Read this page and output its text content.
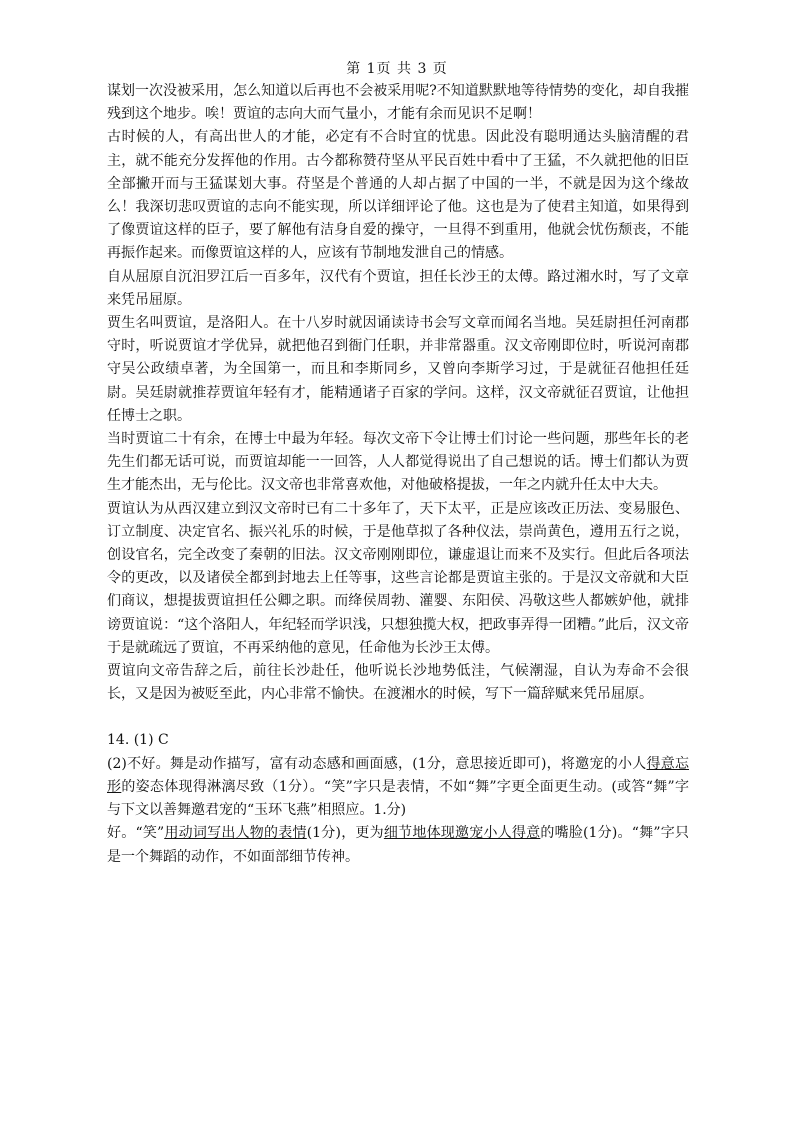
第 1页 共 3 页

谋划一次没被采用，怎么知道以后再也不会被采用呢?不知道默默地等待情势的变化，却自我摧残到这个地步。唉！贾谊的志向大而气量小，才能有余而见识不足啊！

古时候的人，有高出世人的才能，必定有不合时宜的忧患。因此没有聪明通达头脑清醒的君主，就不能充分发挥他的作用。古今都称赞苻坚从平民百姓中看中了王猛，不久就把他的旧臣全部撇开而与王猛谋划大事。苻坚是个普通的人却占据了中国的一半，不就是因为这个缘故么！我深切悲叹贾谊的志向不能实现，所以详细评论了他。这也是为了使君主知道，如果得到了像贾谊这样的臣子，要了解他有洁身自爱的操守，一旦得不到重用，他就会忧伤颓丧，不能再振作起来。而像贾谊这样的人，应该有节制地发泄自己的情感。

自从屈原自沉汨罗江后一百多年，汉代有个贾谊，担任长沙王的太傅。路过湘水时，写了文章来凭吊屈原。

贾生名叫贾谊，是洛阳人。在十八岁时就因诵读诗书会写文章而闻名当地。吴廷尉担任河南郡守时，听说贾谊才学优异，就把他召到衙门任职，并非常器重。汉文帝刚即位时，听说河南郡守吴公政绩卓著，为全国第一，而且和李斯同乡，又曾向李斯学习过，于是就征召他担任廷尉。吴廷尉就推荐贾谊年轻有才，能精通诸子百家的学问。这样，汉文帝就征召贾谊，让他担任博士之职。

当时贾谊二十有余，在博士中最为年轻。每次文帝下令让博士们讨论一些问题，那些年长的老先生们都无话可说，而贾谊却能一一回答，人人都觉得说出了自己想说的话。博士们都认为贾生才能杰出，无与伦比。汉文帝也非常喜欢他，对他破格提拔，一年之内就升任太中大夫。

贾谊认为从西汉建立到汉文帝时已有二十多年了，天下太平，正是应该改正历法、变易服色、订立制度、决定官名、振兴礼乐的时候，于是他草拟了各种仪法，崇尚黄色，遵用五行之说，创设官名，完全改变了秦朝的旧法。汉文帝刚刚即位，谦虚退让而来不及实行。但此后各项法令的更改，以及诸侯全都到封地去上任等事，这些言论都是贾谊主张的。于是汉文帝就和大臣们商议，想提拔贾谊担任公卿之职。而绛侯周勃、灌婴、东阳侯、冯敬这些人都嫉妒他，就排谤贾谊说：“这个洛阳人，年纪轻而学识浅，只想独揽大权，把政事弄得一团糟。”此后，汉文帝于是就疏远了贾谊，不再采纳他的意见，任命他为长沙王太傅。

贾谊向文帝告辞之后，前往长沙赴任，他听说长沙地势低洼，气候潮湿，自认为寿命不会很长，又是因为被贬至此，内心非常不愉快。在渡湘水的时候，写下一篇辞赋来凭吊屈原。

14. (1) C

(2)不好。舞是动作描写，富有动态感和画面感，(1分，意思接近即可)，将邀宠的小人得意忘形的姿态体现得淋漓尽致（1分）。“笑”字只是表情，不如“舞”字更全面更生动。(或答“舞”字与下文以善舞邀君宠的“玉环飞燕”相照应。1.分)

好。“笑”用动词写出人物的表情(1分)，更为细节地体现邀宠小人得意的嘴脸(1分)。“舞”字只是一个舞蹈的动作，不如面部细节传神。
